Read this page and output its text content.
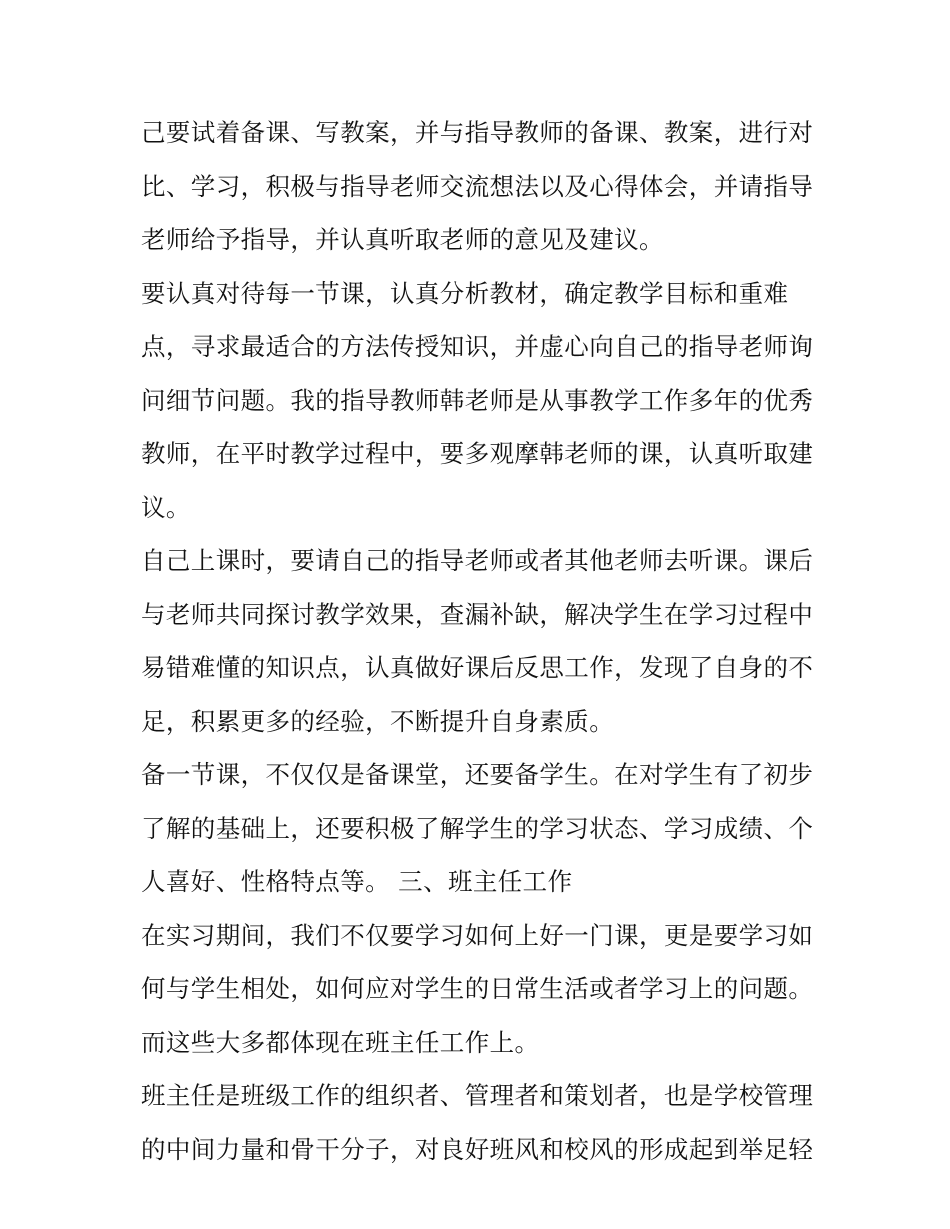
己要试着备课、写教案，并与指导教师的备课、教案，进行对
比、学习，积极与指导老师交流想法以及心得体会，并请指导
老师给予指导，并认真听取老师的意见及建议。
要认真对待每一节课，认真分析教材，确定教学目标和重难
点，寻求最适合的方法传授知识，并虚心向自己的指导老师询
问细节问题。我的指导教师韩老师是从事教学工作多年的优秀
教师，在平时教学过程中，要多观摩韩老师的课，认真听取建
议。
自己上课时，要请自己的指导老师或者其他老师去听课。课后
与老师共同探讨教学效果，查漏补缺，解决学生在学习过程中
易错难懂的知识点，认真做好课后反思工作，发现了自身的不
足，积累更多的经验，不断提升自身素质。
备一节课，不仅仅是备课堂，还要备学生。在对学生有了初步
了解的基础上，还要积极了解学生的学习状态、学习成绩、个
人喜好、性格特点等。 三、班主任工作
在实习期间，我们不仅要学习如何上好一门课，更是要学习如
何与学生相处，如何应对学生的日常生活或者学习上的问题。
而这些大多都体现在班主任工作上。
班主任是班级工作的组织者、管理者和策划者，也是学校管理
的中间力量和骨干分子，对良好班风和校风的形成起到举足轻
